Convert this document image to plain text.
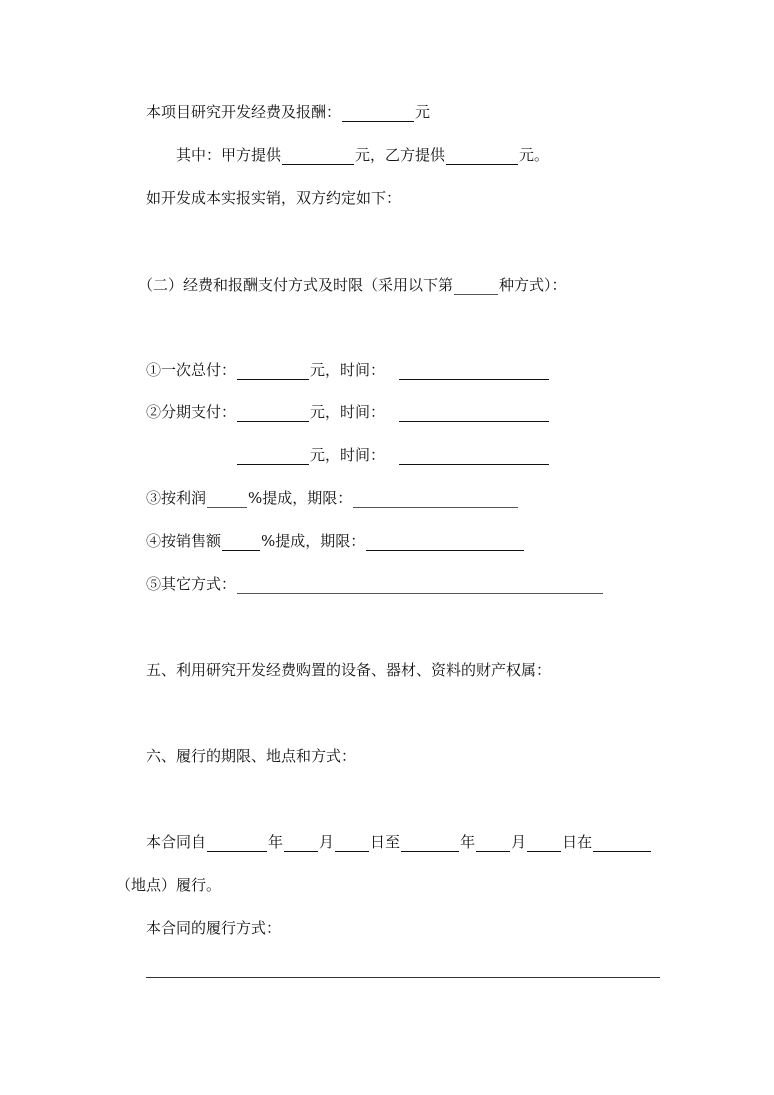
本项目研究开发经费及报酬：	元
其中：甲方提供	元，乙方提供	元。
如开发成本实报实销，双方约定如下：
（二）经费和报酬支付方式及时限（采用以下第	种方式）：
①一次总付：	元，时间：
②分期支付：	元，时间：
元，时间：
③按利润	%提成，期限：
④按销售额	%提成，期限：
⑤其它方式：
五、利用研究开发经费购置的设备、器材、资料的财产权属：
六、履行的期限、地点和方式：
本合同自	年 月 日至	年 月 日在
（地点）履行。
本合同的履行方式：
